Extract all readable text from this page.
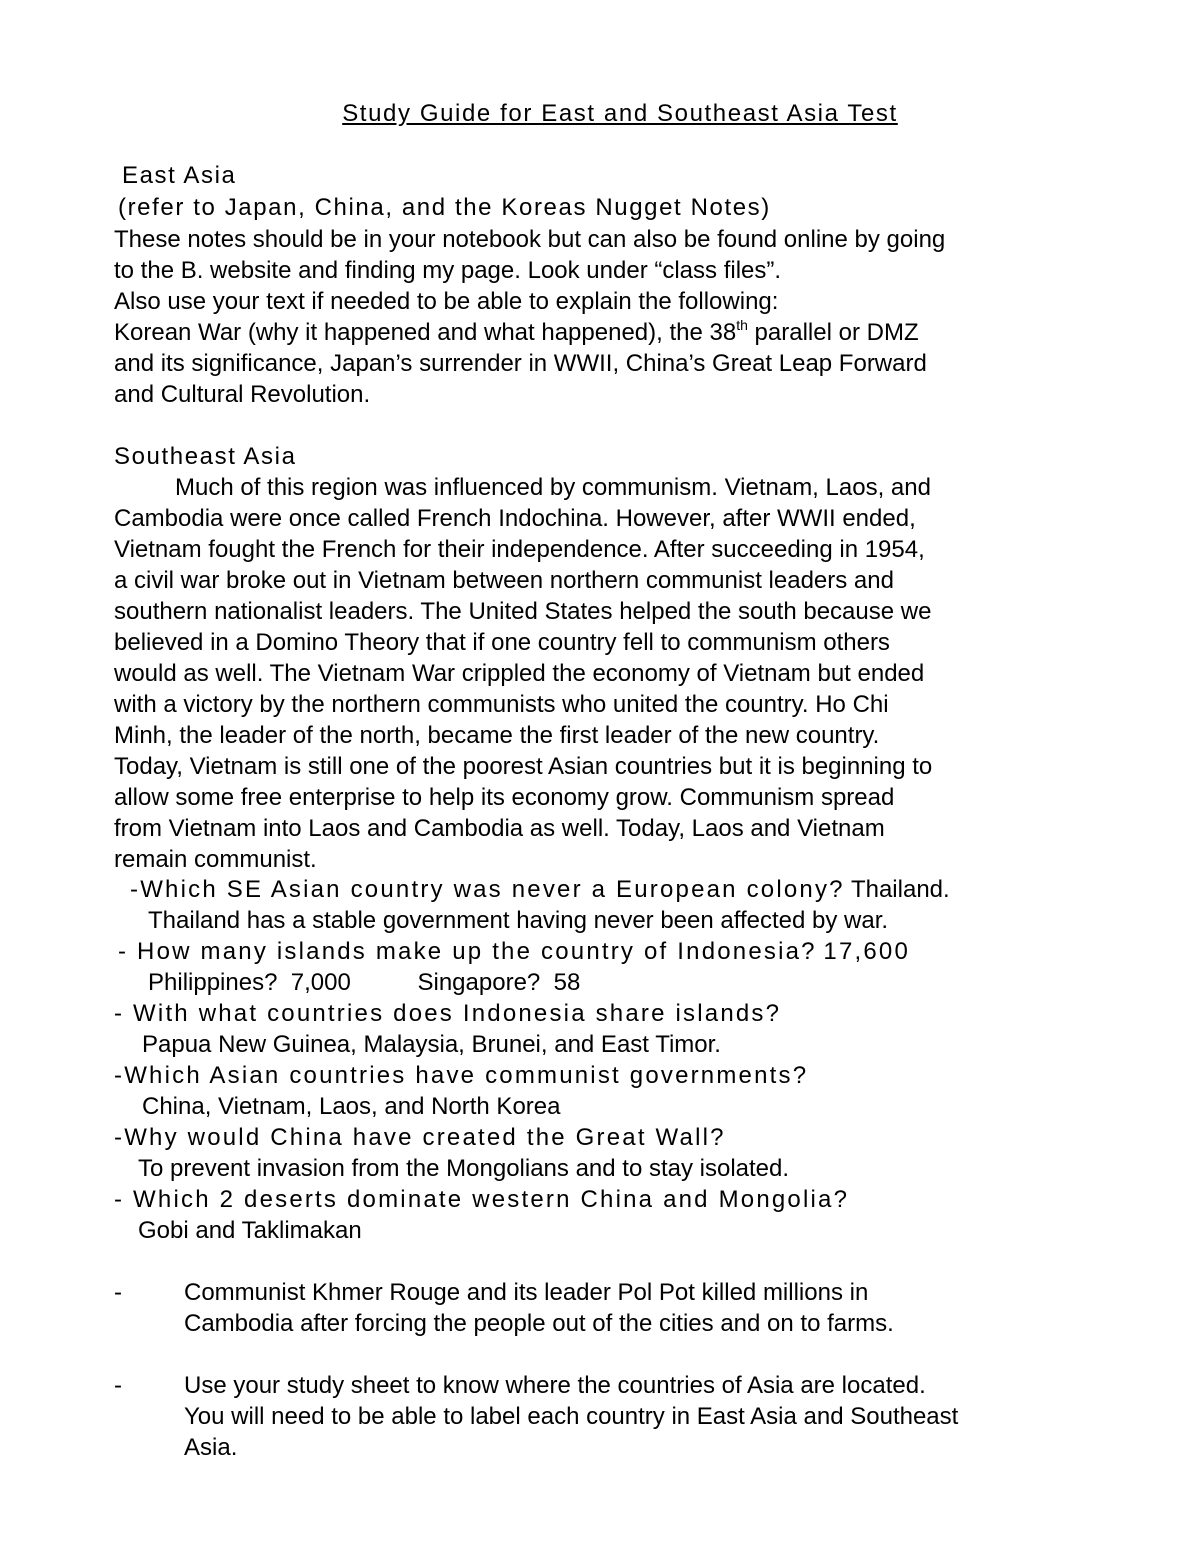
Study Guide for East and Southeast Asia Test
East Asia
(refer to Japan, China, and the Koreas Nugget Notes)
These notes should be in your notebook but can also be found online by going
to the B. website and finding my page. Look under “class files”.
Also use your text if needed to be able to explain the following:
Korean War (why it happened and what happened), the 38th parallel or DMZ
and its significance, Japan’s surrender in WWII, China’s Great Leap Forward
and Cultural Revolution.
Southeast Asia
Much of this region was influenced by communism. Vietnam, Laos, and
Cambodia were once called French Indochina. However, after WWII ended,
Vietnam fought the French for their independence. After succeeding in 1954,
a civil war broke out in Vietnam between northern communist leaders and
southern nationalist leaders. The United States helped the south because we
believed in a Domino Theory that if one country fell to communism others
would as well. The Vietnam War crippled the economy of Vietnam but ended
with a victory by the northern communists who united the country. Ho Chi
Minh, the leader of the north, became the first leader of the new country.
Today, Vietnam is still one of the poorest Asian countries but it is beginning to
allow some free enterprise to help its economy grow. Communism spread
from Vietnam into Laos and Cambodia as well. Today, Laos and Vietnam
remain communist.
-Which SE Asian country was never a European colony? Thailand.
Thailand has a stable government having never been affected by war.
- How many islands make up the country of Indonesia? 17,600
Philippines?  7,000          Singapore?  58
- With what countries does Indonesia share islands?
Papua New Guinea, Malaysia, Brunei, and East Timor.
-Which Asian countries have communist governments?
China, Vietnam, Laos, and North Korea
-Why would China have created the Great Wall?
To prevent invasion from the Mongolians and to stay isolated.
- Which 2 deserts dominate western China and Mongolia?
Gobi and Taklimakan
-	Communist Khmer Rouge and its leader Pol Pot killed millions in
Cambodia after forcing the people out of the cities and on to farms.
-	Use your study sheet to know where the countries of Asia are located.
You will need to be able to label each country in East Asia and Southeast
Asia.
